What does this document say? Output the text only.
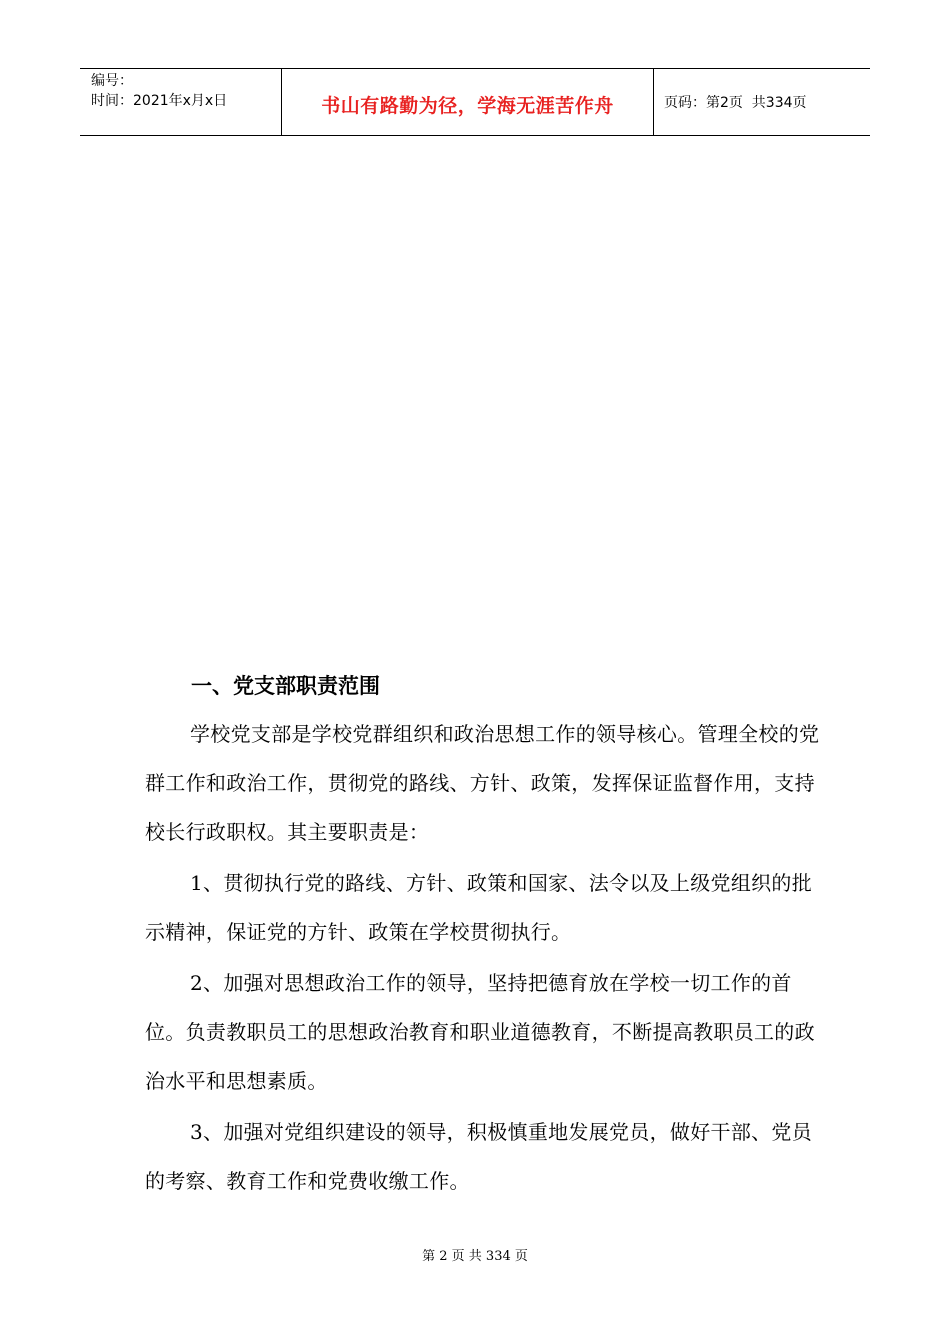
编号：
时间：2021年x月x日	书山有路勤为径，学海无涯苦作舟	页码：第2页  共334页
一、党支部职责范围

学校党支部是学校党群组织和政治思想工作的领导核心。管理全校的党群工作和政治工作，贯彻党的路线、方针、政策，发挥保证监督作用，支持校长行政职权。其主要职责是：

1、贯彻执行党的路线、方针、政策和国家、法令以及上级党组织的批示精神，保证党的方针、政策在学校贯彻执行。

2、加强对思想政治工作的领导，坚持把德育放在学校一切工作的首位。负责教职员工的思想政治教育和职业道德教育，不断提高教职员工的政治水平和思想素质。

3、加强对党组织建设的领导，积极慎重地发展党员，做好干部、党员的考察、教育工作和党费收缴工作。

第 2 页 共 334 页
